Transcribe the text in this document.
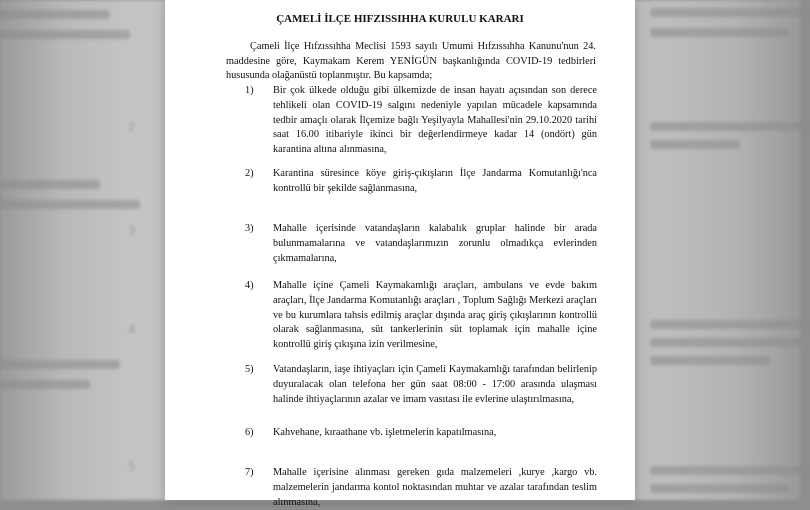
2
3
4
5
ÇAMELİ İLÇE HIFZISSIHHA KURULU KARARI
Çameli İlçe Hıfzıssıhha Meclisi 1593 sayılı Umumi Hıfzıssıhha Kanunu'nun 24. maddesine göre, Kaymakam Kerem YENİGÜN başkanlığında COVID-19 tedbirleri hususunda olağanüstü toplanmıştır. Bu kapsamda;
1)	Bir çok ülkede olduğu gibi ülkemizde de insan hayatı açısından son derece tehlikeli olan COVID-19 salgını nedeniyle yapılan mücadele kapsamında tedbir amaçlı olarak İlçemize bağlı Yeşilyayla Mahallesi'nin 29.10.2020 tarihi saat 16.00 itibariyle ikinci bir değerlendirmeye kadar 14 (ondört) gün karantina altına alınmasına,
2)	Karantina süresince köye giriş-çıkışların İlçe Jandarma Komutanlığı'nca kontrollü bir şekilde sağlanmasına,
3)	Mahalle içerisinde vatandaşların kalabalık gruplar halinde bir arada bulunmamalarına ve vatandaşlarımızın zorunlu olmadıkça evlerinden çıkmamalarına,
4)	Mahalle içine Çameli Kaymakamlığı araçları, ambulans ve evde bakım araçları, İlçe Jandarma Komutanlığı araçları , Toplum Sağlığı Merkezi araçları ve bu kurumlara tahsis edilmiş araçlar dışında araç giriş çıkışlarının kontrollü olarak sağlanmasına, süt tankerlerinin süt toplamak için mahalle içine kontrollü giriş çıkışına izin verilmesine,
5)	Vatandaşların, iaşe ihtiyaçları için Çameli Kaymakamlığı tarafından belirlenip duyuralacak olan telefona her gün saat 08:00 - 17:00 arasında ulaşması halinde ihtiyaçlarının azalar ve imam vasıtası ile evlerine ulaştırılmasına,
6)	Kahvehane, kıraathane vb. işletmelerin kapatılmasına,
7)	Mahalle içerisine alınması gereken gıda malzemeleri ,kurye ,kargo vb. malzemelerin jandarma kontol noktasından muhtar ve azalar tarafından teslim alınmasına,
